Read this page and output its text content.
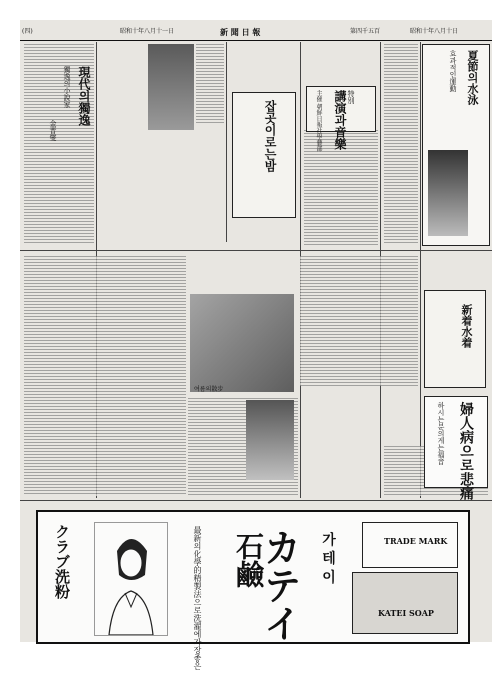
(四)	昭和十年八月十一日	新 聞 日 報	第四千五百	昭和十年八月十日
現代의獨逸
獨逸의小說家
金晋燮	잡곳이로는밤
特別
講演과音樂
主催 朝鮮日報社學藝部
夏節의水泳
효과적인運動
여름의散步
新着水着
婦人病으로悲痛
하시는분의게는福音
クラブ洗粉	最新의化學的精製法으로洗濯에가장좋은 カテイ
石鹼	가 테 이	TRADE MARK
KATEI SOAP
